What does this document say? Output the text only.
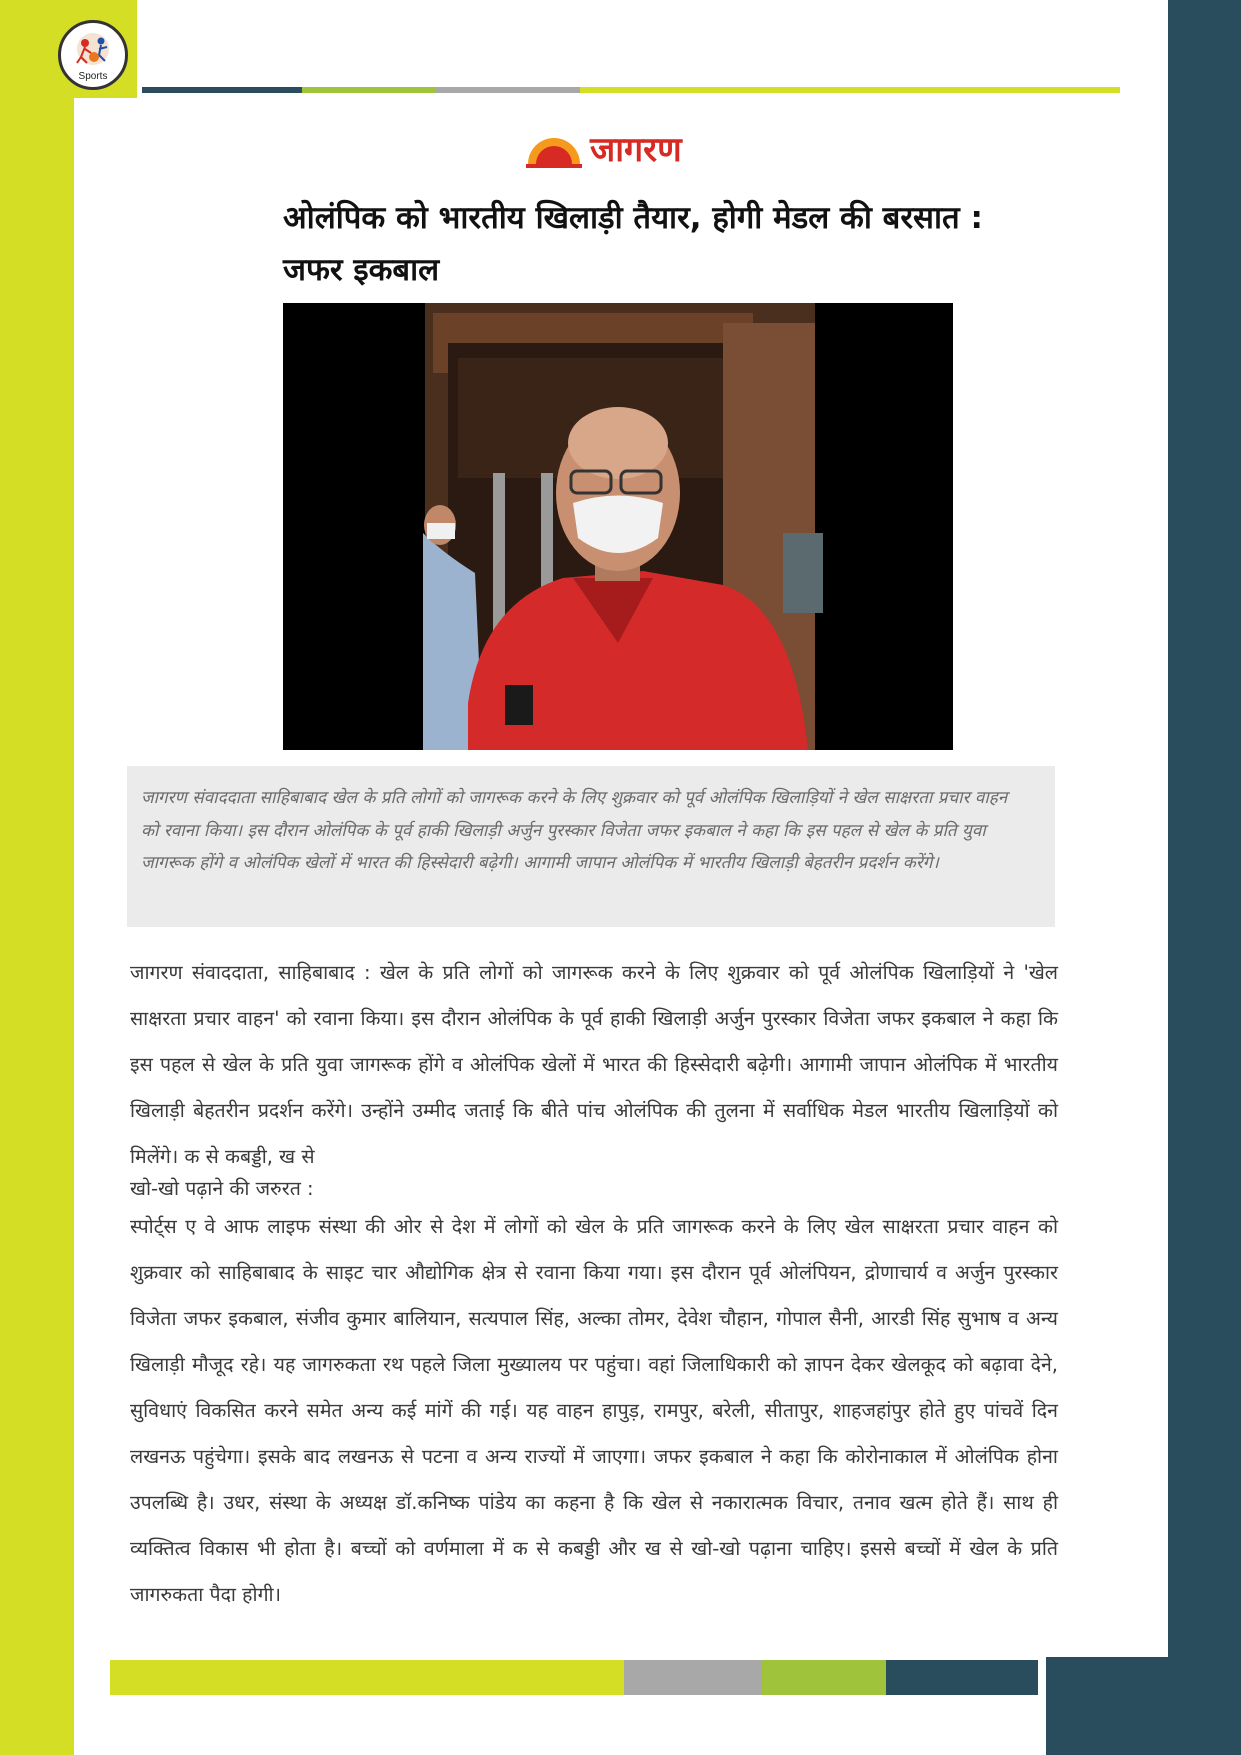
Sports
जागरण
ओलंपिक को भारतीय खिलाड़ी तैयार, होगी मेडल की बरसात : जफर इकबाल

जागरण संवाददाता साहिबाबाद खेल के प्रति लोगों को जागरूक करने के लिए शुक्रवार को पूर्व ओलंपिक खिलाड़ियों ने खेल साक्षरता प्रचार वाहन को रवाना किया। इस दौरान ओलंपिक के पूर्व हाकी खिलाड़ी अर्जुन पुरस्कार विजेता जफर इकबाल ने कहा कि इस पहल से खेल के प्रति युवा जागरूक होंगे व ओलंपिक खेलों में भारत की हिस्सेदारी बढ़ेगी। आगामी जापान ओलंपिक में भारतीय खिलाड़ी बेहतरीन प्रदर्शन करेंगे।

जागरण संवाददाता, साहिबाबाद : खेल के प्रति लोगों को जागरूक करने के लिए शुक्रवार को पूर्व ओलंपिक खिलाड़ियों ने 'खेल साक्षरता प्रचार वाहन' को रवाना किया। इस दौरान ओलंपिक के पूर्व हाकी खिलाड़ी अर्जुन पुरस्कार विजेता जफर इकबाल ने कहा कि इस पहल से खेल के प्रति युवा जागरूक होंगे व ओलंपिक खेलों में भारत की हिस्सेदारी बढ़ेगी। आगामी जापान ओलंपिक में भारतीय खिलाड़ी बेहतरीन प्रदर्शन करेंगे। उन्होंने उम्मीद जताई कि बीते पांच ओलंपिक की तुलना में सर्वाधिक मेडल भारतीय खिलाड़ियों को मिलेंगे। क से कबड्डी, ख से

खो-खो पढ़ाने की जरुरत :

स्पोर्ट्स ए वे आफ लाइफ संस्था की ओर से देश में लोगों को खेल के प्रति जागरूक करने के लिए खेल साक्षरता प्रचार वाहन को शुक्रवार को साहिबाबाद के साइट चार औद्योगिक क्षेत्र से रवाना किया गया। इस दौरान पूर्व ओलंपियन, द्रोणाचार्य व अर्जुन पुरस्कार विजेता जफर इकबाल, संजीव कुमार बालियान, सत्यपाल सिंह, अल्का तोमर, देवेश चौहान, गोपाल सैनी, आरडी सिंह सुभाष व अन्य खिलाड़ी मौजूद रहे। यह जागरुकता रथ पहले जिला मुख्यालय पर पहुंचा। वहां जिलाधिकारी को ज्ञापन देकर खेलकूद को बढ़ावा देने, सुविधाएं विकसित करने समेत अन्य कई मांगें की गई। यह वाहन हापुड़, रामपुर, बरेली, सीतापुर, शाहजहांपुर होते हुए पांचवें दिन लखनऊ पहुंचेगा। इसके बाद लखनऊ से पटना व अन्य राज्यों में जाएगा। जफर इकबाल ने कहा कि कोरोनाकाल में ओलंपिक होना उपलब्धि है। उधर, संस्था के अध्यक्ष डॉ.कनिष्क पांडेय का कहना है कि खेल से नकारात्मक विचार, तनाव खत्म होते हैं। साथ ही व्यक्तित्व विकास भी होता है। बच्चों को वर्णमाला में क से कबड्डी और ख से खो-खो पढ़ाना चाहिए। इससे बच्चों में खेल के प्रति जागरुकता पैदा होगी।
